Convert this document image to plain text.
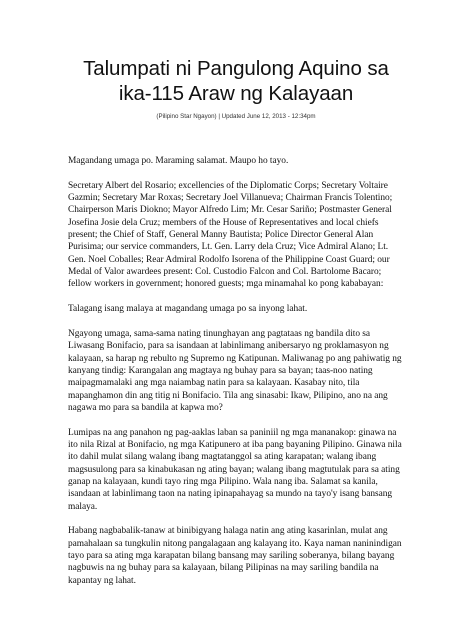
Talumpati ni Pangulong Aquino sa ika-115 Araw ng Kalayaan
(Pilipino Star Ngayon) | Updated June 12, 2013 - 12:34pm

Magandang umaga po. Maraming salamat. Maupo ho tayo.

Secretary Albert del Rosario; excellencies of the Diplomatic Corps; Secretary Voltaire Gazmin; Secretary Mar Roxas; Secretary Joel Villanueva; Chairman Francis Tolentino; Chairperson Maris Diokno; Mayor Alfredo Lim; Mr. Cesar Sariño; Postmaster General Josefina Josie dela Cruz; members of the House of Representatives and local chiefs present; the Chief of Staff, General Manny Bautista; Police Director General Alan Purisima; our service commanders, Lt. Gen. Larry dela Cruz; Vice Admiral Alano; Lt. Gen. Noel Coballes; Rear Admiral Rodolfo Isorena of the Philippine Coast Guard; our Medal of Valor awardees present: Col. Custodio Falcon and Col. Bartolome Bacaro; fellow workers in government; honored guests; mga minamahal ko pong kababayan:

Talagang isang malaya at magandang umaga po sa inyong lahat.

Ngayong umaga, sama-sama nating tinunghayan ang pagtataas ng bandila dito sa Liwasang Bonifacio, para sa isandaan at labinlimang anibersaryo ng proklamasyon ng kalayaan, sa harap ng rebulto ng Supremo ng Katipunan. Maliwanag po ang pahiwatig ng kanyang tindig: Karangalan ang magtaya ng buhay para sa bayan; taas-noo nating maipagmamalaki ang mga naiambag natin para sa kalayaan. Kasabay nito, tila mapanghamon din ang titig ni Bonifacio. Tila ang sinasabi: Ikaw, Pilipino, ano na ang nagawa mo para sa bandila at kapwa mo?

Lumipas na ang panahon ng pag-aaklas laban sa paniniil ng mga mananakop: ginawa na ito nila Rizal at Bonifacio, ng mga Katipunero at iba pang bayaning Pilipino. Ginawa nila ito dahil mulat silang walang ibang magtatanggol sa ating karapatan; walang ibang magsusulong para sa kinabukasan ng ating bayan; walang ibang magtutulak para sa ating ganap na kalayaan, kundi tayo ring mga Pilipino. Wala nang iba. Salamat sa kanila, isandaan at labinlimang taon na nating ipinapahayag sa mundo na tayo'y isang bansang malaya.

Habang nagbabalik-tanaw at binibigyang halaga natin ang ating kasarinlan, mulat ang pamahalaan sa tungkulin nitong pangalagaan ang kalayang ito. Kaya naman naninindigan tayo para sa ating mga karapatan bilang bansang may sariling soberanya, bilang bayang nagbuwis na ng buhay para sa kalayaan, bilang Pilipinas na may sariling bandila na kapantay ng lahat.
